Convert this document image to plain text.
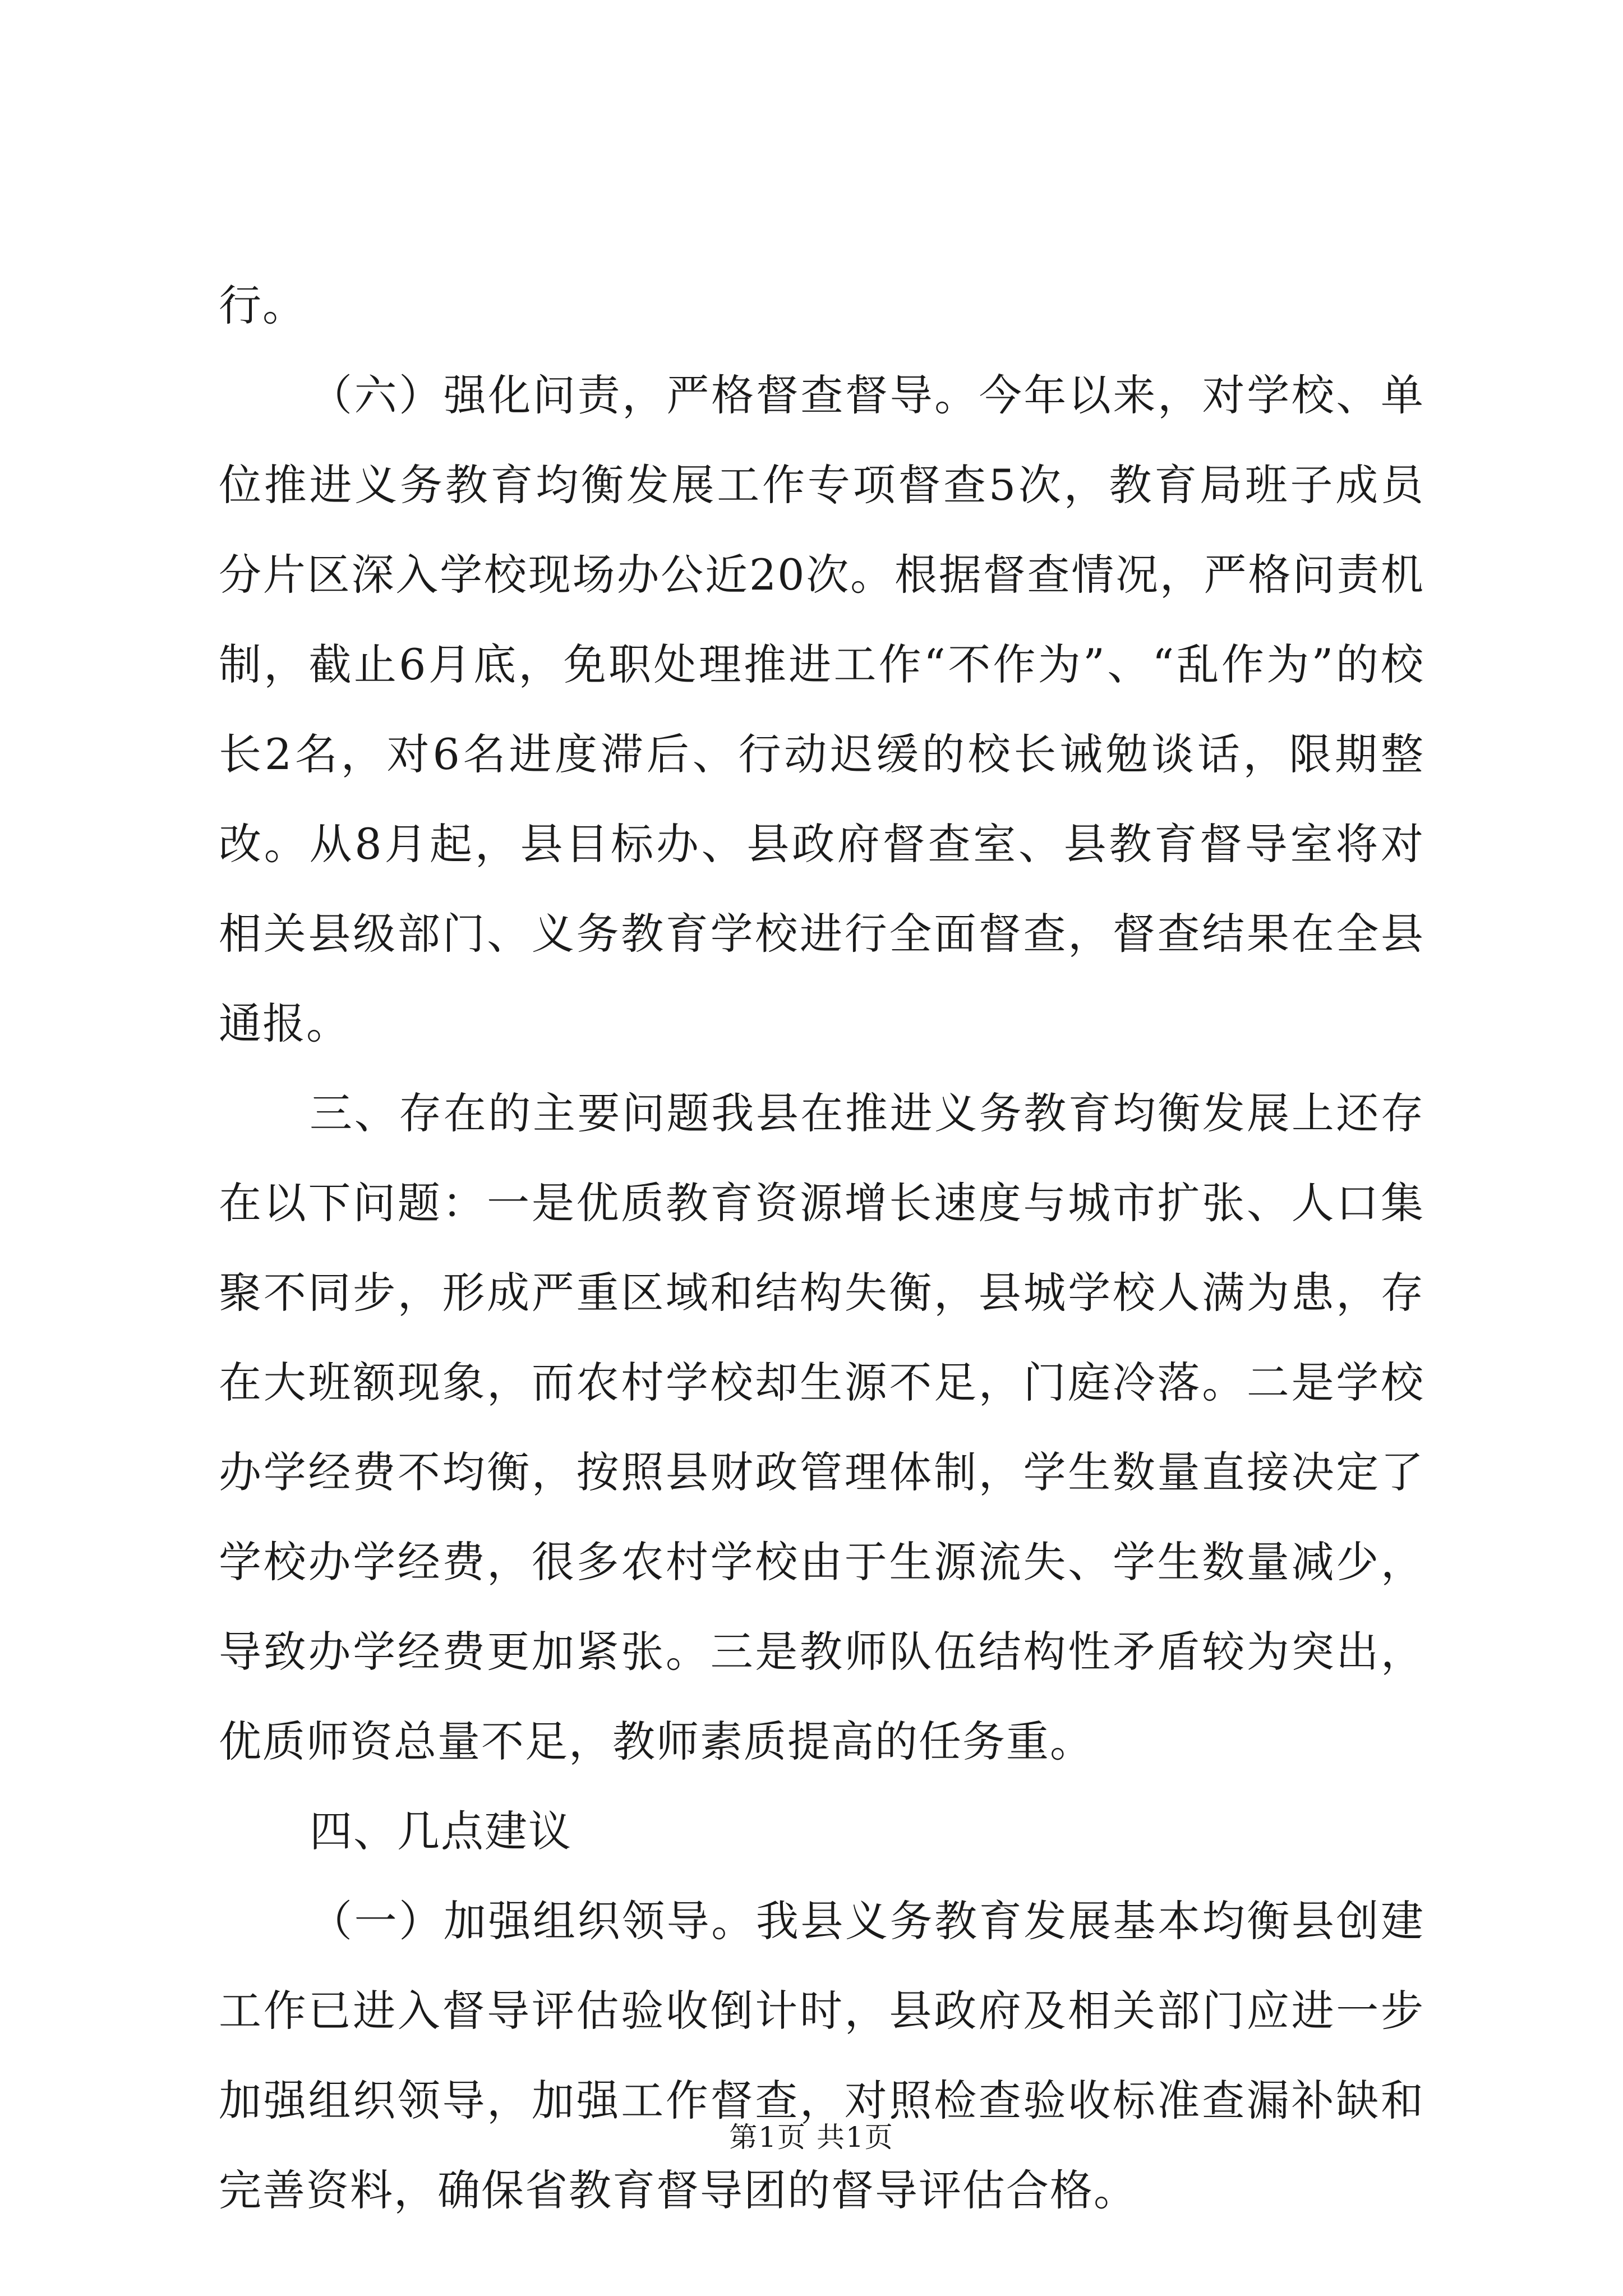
行。

（六）强化问责，严格督查督导。今年以来，对学校、单位推进义务教育均衡发展工作专项督查5次，教育局班子成员分片区深入学校现场办公近20次。根据督查情况，严格问责机制，截止6月底，免职处理推进工作“不作为”、“乱作为”的校长2名，对6名进度滞后、行动迟缓的校长诫勉谈话，限期整改。从8月起，县目标办、县政府督查室、县教育督导室将对相关县级部门、义务教育学校进行全面督查，督查结果在全县通报。

三、存在的主要问题我县在推进义务教育均衡发展上还存在以下问题：一是优质教育资源增长速度与城市扩张、人口集聚不同步，形成严重区域和结构失衡，县城学校人满为患，存在大班额现象，而农村学校却生源不足，门庭冷落。二是学校办学经费不均衡，按照县财政管理体制，学生数量直接决定了学校办学经费，很多农村学校由于生源流失、学生数量减少，导致办学经费更加紧张。三是教师队伍结构性矛盾较为突出，优质师资总量不足，教师素质提高的任务重。

四、几点建议

（一）加强组织领导。我县义务教育发展基本均衡县创建工作已进入督导评估验收倒计时，县政府及相关部门应进一步加强组织领导，加强工作督查，对照检查验收标准查漏补缺和完善资料，确保省教育督导团的督导评估合格。

第1页 共1页
